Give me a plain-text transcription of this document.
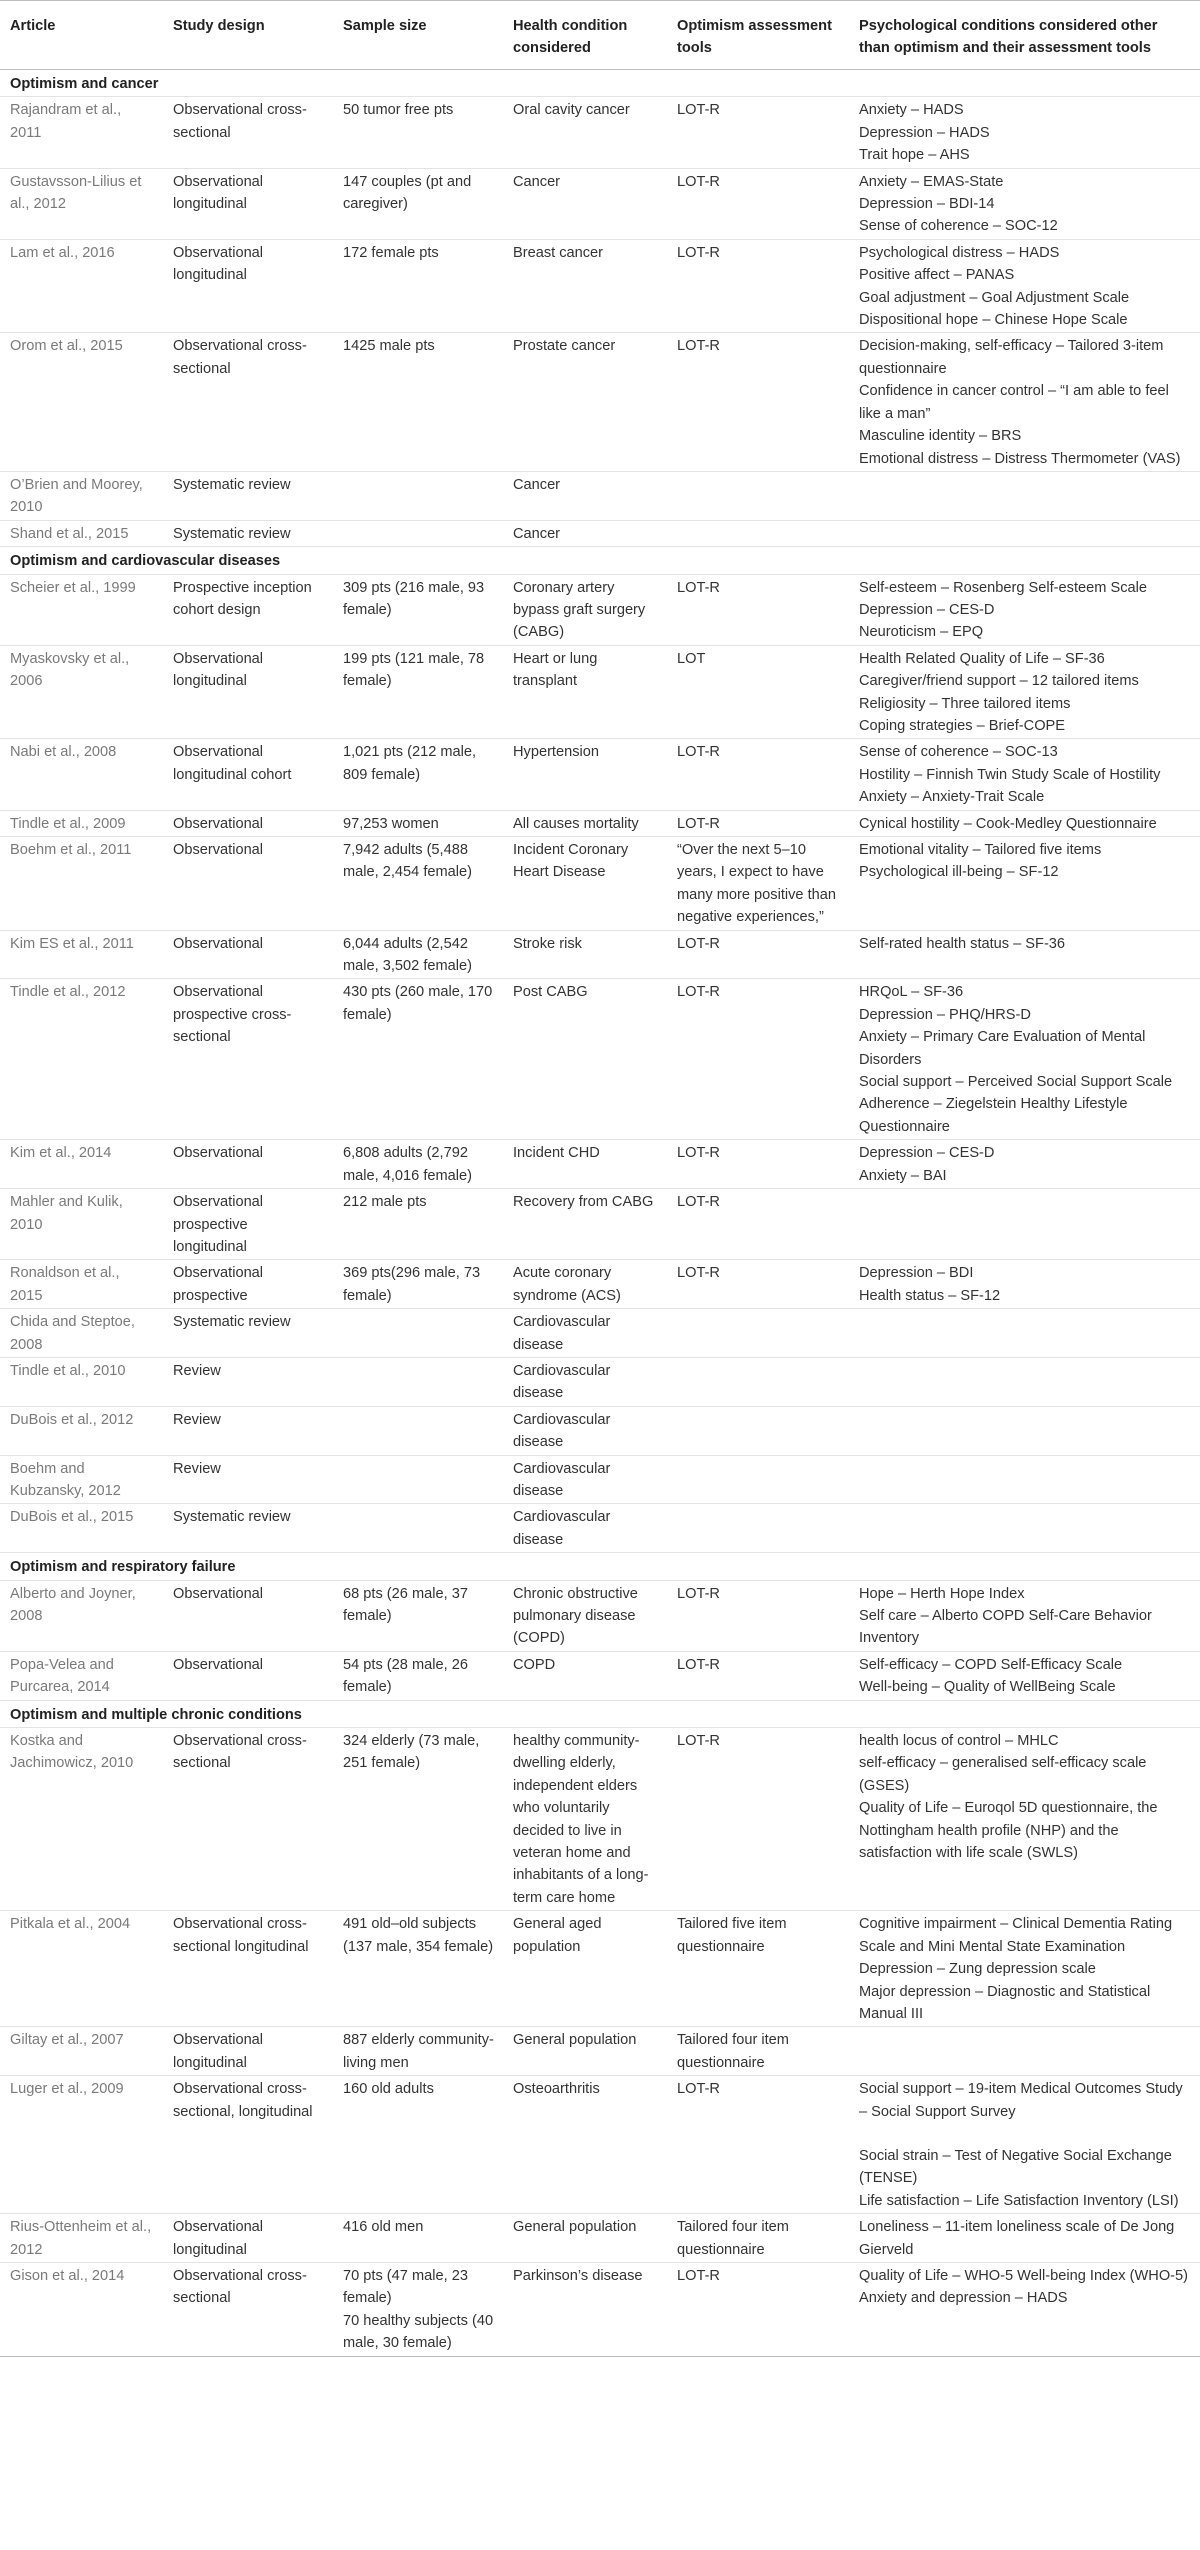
Article	Study design	Sample size	Health condition considered	Optimism assessment tools	Psychological conditions considered other than optimism and their assessment tools
Optimism and cancer					
Rajandram et al., 2011	Observational cross-sectional	50 tumor free pts	Oral cavity cancer	LOT-R	Anxiety – HADS
Depression – HADS
Trait hope – AHS

Gustavsson-Lilius et al., 2012	Observational longitudinal	147 couples (pt and caregiver)	Cancer	LOT-R	Anxiety – EMAS-State
Depression – BDI-14
Sense of coherence – SOC-12

Lam et al., 2016	Observational longitudinal	172 female pts	Breast cancer	LOT-R	Psychological distress – HADS
Positive affect – PANAS
Goal adjustment – Goal Adjustment Scale
Dispositional hope – Chinese Hope Scale

Orom et al., 2015	Observational cross-sectional	1425 male pts	Prostate cancer	LOT-R	Decision-making, self-efficacy – Tailored 3-item questionnaire
Confidence in cancer control – “I am able to feel like a man”
Masculine identity – BRS
Emotional distress – Distress Thermometer (VAS)

O’Brien and Moorey, 2010	Systematic review		Cancer		
Shand et al., 2015	Systematic review		Cancer		
Optimism and cardiovascular diseases					
Scheier et al., 1999	Prospective inception cohort design	309 pts (216 male, 93 female)	Coronary artery bypass graft surgery (CABG)	LOT-R	Self-esteem – Rosenberg Self-esteem Scale
Depression – CES-D
Neuroticism – EPQ

Myaskovsky et al., 2006	Observational longitudinal	199 pts (121 male, 78 female)	Heart or lung transplant	LOT	Health Related Quality of Life – SF-36
Caregiver/friend support – 12 tailored items
Religiosity – Three tailored items
Coping strategies – Brief-COPE

Nabi et al., 2008	Observational longitudinal cohort	1,021 pts (212 male, 809 female)	Hypertension	LOT-R	Sense of coherence – SOC-13
Hostility – Finnish Twin Study Scale of Hostility
Anxiety – Anxiety-Trait Scale

Tindle et al., 2009	Observational	97,253 women	All causes mortality	LOT-R	Cynical hostility – Cook-Medley Questionnaire

Boehm et al., 2011	Observational	7,942 adults (5,488 male, 2,454 female)	Incident Coronary Heart Disease	“Over the next 5–10 years, I expect to have many more positive than negative experiences,”	Emotional vitality – Tailored five items
Psychological ill-being – SF-12

Kim ES et al., 2011	Observational	6,044 adults (2,542 male, 3,502 female)	Stroke risk	LOT-R	Self-rated health status – SF-36

Tindle et al., 2012	Observational prospective cross-sectional	430 pts (260 male, 170 female)	Post CABG	LOT-R	HRQoL – SF-36
Depression – PHQ/HRS-D
Anxiety – Primary Care Evaluation of Mental Disorders
Social support – Perceived Social Support Scale
Adherence – Ziegelstein Healthy Lifestyle Questionnaire

Kim et al., 2014	Observational	6,808 adults (2,792 male, 4,016 female)	Incident CHD	LOT-R	Depression – CES-D
Anxiety – BAI

Mahler and Kulik, 2010	Observational prospective longitudinal	212 male pts	Recovery from CABG	LOT-R	
Ronaldson et al., 2015	Observational prospective	369 pts(296 male, 73 female)	Acute coronary syndrome (ACS)	LOT-R	Depression – BDI
Health status – SF-12

Chida and Steptoe, 2008	Systematic review		Cardiovascular disease		
Tindle et al., 2010	Review		Cardiovascular disease		
DuBois et al., 2012	Review		Cardiovascular disease		
Boehm and Kubzansky, 2012	Review		Cardiovascular disease		
DuBois et al., 2015	Systematic review		Cardiovascular disease		
Optimism and respiratory failure					
Alberto and Joyner, 2008	Observational	68 pts (26 male, 37 female)	Chronic obstructive pulmonary disease (COPD)	LOT-R	Hope – Herth Hope Index
Self care – Alberto COPD Self-Care Behavior Inventory

Popa-Velea and Purcarea, 2014	Observational	54 pts (28 male, 26 female)	COPD	LOT-R	Self-efficacy – COPD Self-Efficacy Scale
Well-being – Quality of WellBeing Scale

Optimism and multiple chronic conditions					
Kostka and Jachimowicz, 2010	Observational cross-sectional	324 elderly (73 male, 251 female)	healthy community-dwelling elderly, independent elders who voluntarily decided to live in veteran home and inhabitants of a long-term care home	LOT-R	health locus of control – MHLC
self-efficacy – generalised self-efficacy scale (GSES)
Quality of Life – Euroqol 5D questionnaire, the Nottingham health profile (NHP) and the satisfaction with life scale (SWLS)

Pitkala et al., 2004	Observational cross-sectional longitudinal	491 old–old subjects (137 male, 354 female)	General aged population	Tailored five item questionnaire	Cognitive impairment – Clinical Dementia Rating Scale and Mini Mental State Examination
Depression – Zung depression scale
Major depression – Diagnostic and Statistical Manual III

Giltay et al., 2007	Observational longitudinal	887 elderly community-living men	General population	Tailored four item questionnaire	
Luger et al., 2009	Observational cross-sectional, longitudinal	160 old adults	Osteoarthritis	LOT-R	Social support – 19-item Medical Outcomes Study – Social Support Survey
Social strain – Test of Negative Social Exchange (TENSE)
Life satisfaction – Life Satisfaction Inventory (LSI)

Rius-Ottenheim et al., 2012	Observational longitudinal	416 old men	General population	Tailored four item questionnaire	Loneliness – 11-item loneliness scale of De Jong Gierveld

Gison et al., 2014	Observational cross-sectional	70 pts (47 male, 23 female)
70 healthy subjects (40 male, 30 female)	Parkinson’s disease	LOT-R	Quality of Life – WHO-5 Well-being Index (WHO-5)
Anxiety and depression – HADS
